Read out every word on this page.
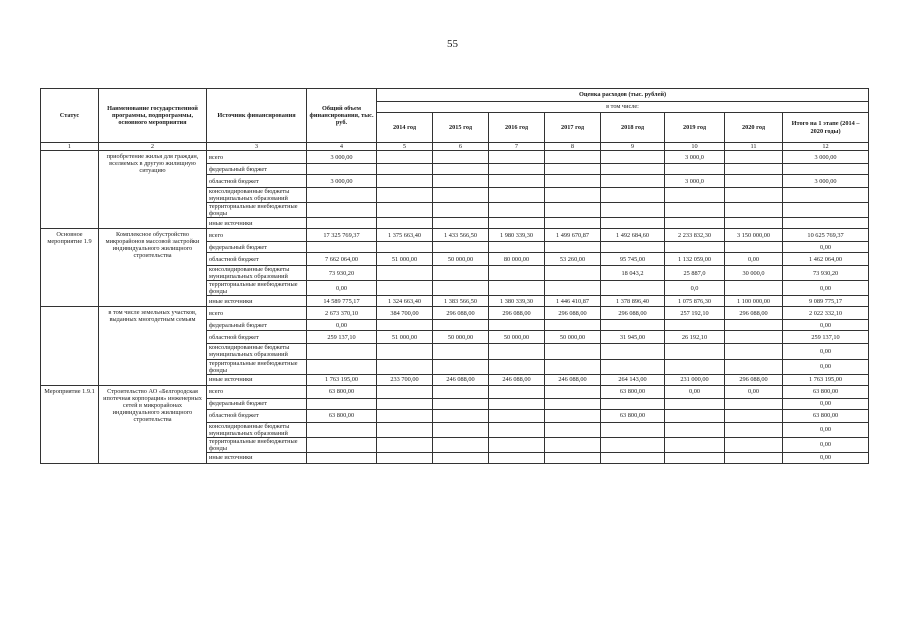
55
Статус	Наименование государственной программы, подпрограммы, основного мероприятия	Источник финансирования	Общий объем финансирования, тыс. руб.	Оценка расходов (тыс. рублей)							
				в том числе:							
				2014 год	2015 год	2016 год	2017 год	2018 год	2019 год	2020 год	Итого на 1 этапе (2014 – 2020 годы)
1	2	3	4	5	6	7	8	9	10	11	12
	приобретение жилья для граждан, вселяемых в другую жилищную ситуацию	всего	3 000,00						3 000,0		3 000,00
		федеральный бюджет									
		областной бюджет	3 000,00						3 000,0		3 000,00
		консолидированные бюджеты муниципальных образований									
		территориальные внебюджетные фонды									
		иные источники									
Основное мероприятие 1.9	Комплексное обустройство микрорайонов массовой застройки индивидуального жилищного строительства	всего	17 325 769,37	1 375 663,40	1 433 566,50	1 980 339,30	1 499 670,87	1 492 684,60	2 233 832,30	3 150 000,00	10 625 769,37
		федеральный бюджет									0,00
		областной бюджет	7 662 064,00	51 000,00	50 000,00	80 000,00	53 260,00	95 745,00	1 132 059,00	0,00	1 462 064,00
		консолидированные бюджеты муниципальных образований	73 930,20					18 043,2	25 887,0	30 000,0	73 930,20
		территориальные внебюджетные фонды	0,00						0,0		0,00
		иные источники	14 589 775,17	1 324 663,40	1 383 566,50	1 380 339,30	1 446 410,87	1 378 896,40	1 075 876,30	1 100 000,00	9 089 775,17
	в том числе земельных участков, выданных многодетным семьям	всего	2 673 370,10	384 700,00	296 088,00	296 088,00	296 088,00	296 088,00	257 192,10	296 088,00	2 022 332,10
		федеральный бюджет	0,00								0,00
		областной бюджет	259 137,10	51 000,00	50 000,00	50 000,00	50 000,00	31 945,00	26 192,10		259 137,10
		консолидированные бюджеты муниципальных образований									0,00
		территориальные внебюджетные фонды									0,00
		иные источники	1 763 195,00	233 700,00	246 088,00	246 088,00	246 088,00	264 143,00	231 000,00	296 088,00	1 763 195,00
Мероприятие 1.9.1	Строительство АО «Белгородская ипотечная корпорация» инженерных сетей в микрорайонах индивидуального жилищного строительства	всего	63 800,00					63 800,00	0,00	0,00	63 800,00
		федеральный бюджет									0,00
		областной бюджет	63 800,00					63 800,00			63 800,00
		консолидированные бюджеты муниципальных образований									0,00
		территориальные внебюджетные фонды									0,00
		иные источники									0,00
